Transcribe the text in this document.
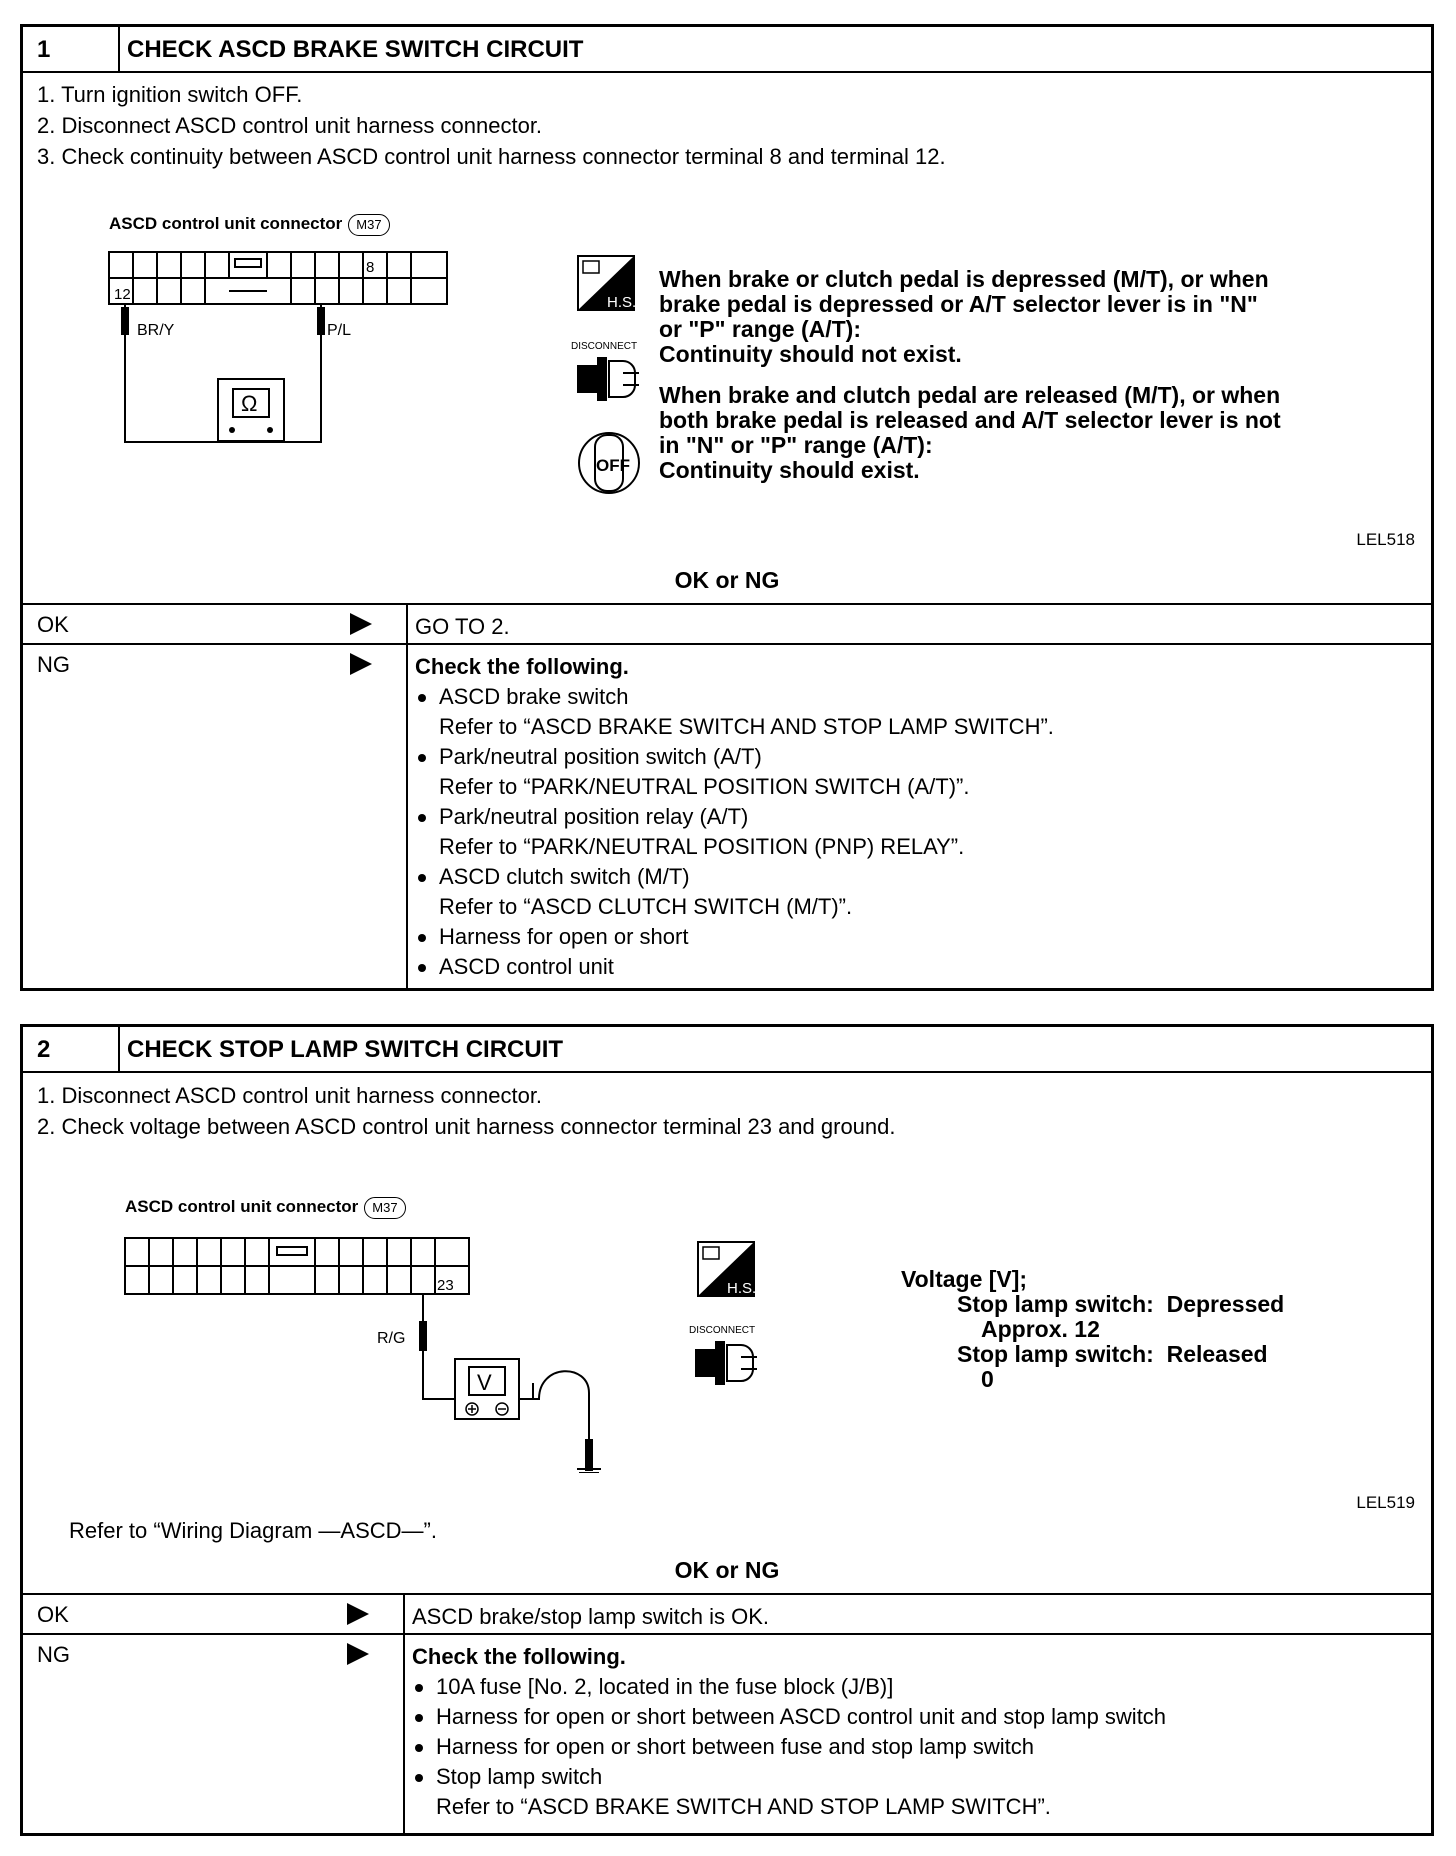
1	CHECK ASCD BRAKE SWITCH CIRCUIT
1. Turn ignition switch OFF.
2. Disconnect ASCD control unit harness connector.
3. Check continuity between ASCD control unit harness connector terminal 8 and terminal 12.
ASCD control unit connector M37
12
8
BR/Y	P/L
Ω
H.S.
DISCONNECT
OFF

When brake or clutch pedal is depressed (M/T), or when

brake pedal is depressed or A/T selector lever is in "N"

or "P" range (A/T):

Continuity should not exist.

When brake and clutch pedal are released (M/T), or when

both brake pedal is released and A/T selector lever is not

in "N" or "P" range (A/T):

Continuity should exist.

LEL518
OK or NG
OK	GO TO 2.
NG	Check the following.
ASCD brake switch
Refer to “ASCD BRAKE SWITCH AND STOP LAMP SWITCH”.
Park/neutral position switch (A/T)
Refer to “PARK/NEUTRAL POSITION SWITCH (A/T)”.
Park/neutral position relay (A/T)
Refer to “PARK/NEUTRAL POSITION (PNP) RELAY”.
ASCD clutch switch (M/T)
Refer to “ASCD CLUTCH SWITCH (M/T)”.
Harness for open or short
ASCD control unit
2	CHECK STOP LAMP SWITCH CIRCUIT
1. Disconnect ASCD control unit harness connector.
2. Check voltage between ASCD control unit harness connector terminal 23 and ground.
ASCD control unit connector M37
23
R/G
V
H.S.
DISCONNECT

Voltage [V];

Stop lamp switch: Depressed

Approx. 12

Stop lamp switch: Released

0

LEL519
Refer to “Wiring Diagram —ASCD—”.
OK or NG
OK	ASCD brake/stop lamp switch is OK.
NG	Check the following.
10A fuse [No. 2, located in the fuse block (J/B)]
Harness for open or short between ASCD control unit and stop lamp switch
Harness for open or short between fuse and stop lamp switch
Stop lamp switch
Refer to “ASCD BRAKE SWITCH AND STOP LAMP SWITCH”.
